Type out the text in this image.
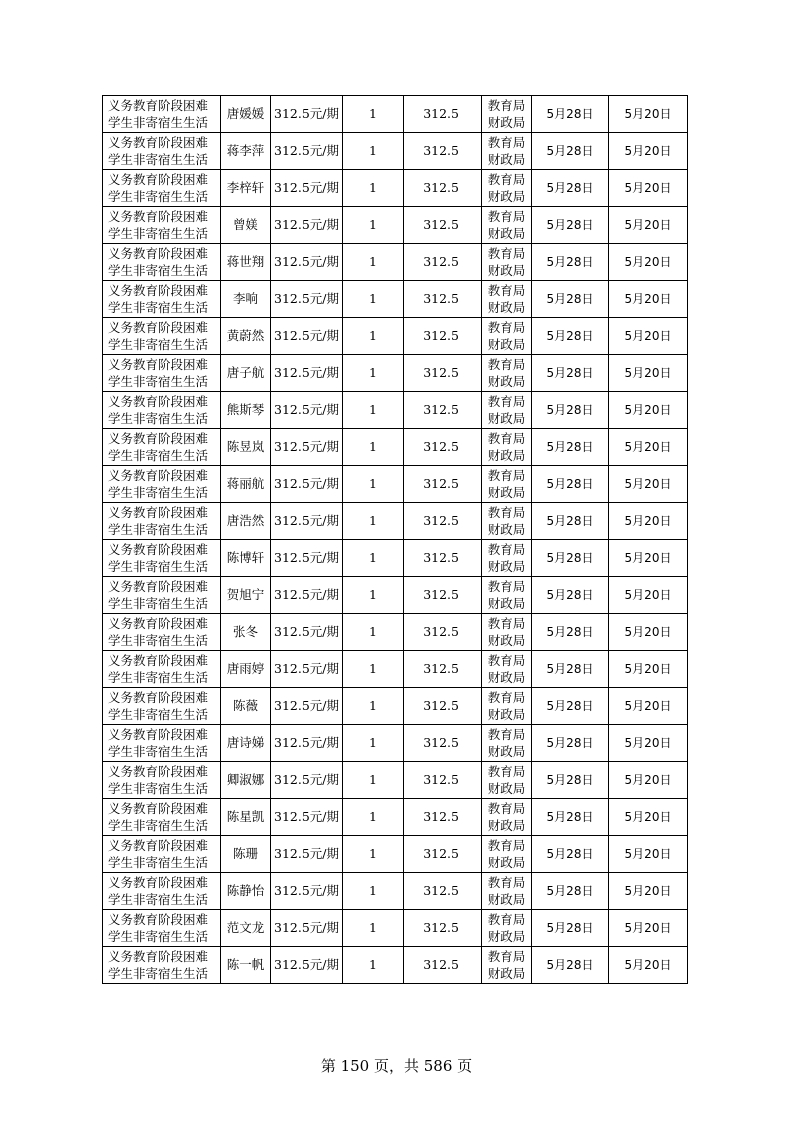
义务教育阶段困难学生非寄宿生生活	唐媛媛	312.5元/期	1	312.5	教育局财政局	5月28日	5月20日
义务教育阶段困难学生非寄宿生生活	蒋李萍	312.5元/期	1	312.5	教育局财政局	5月28日	5月20日
义务教育阶段困难学生非寄宿生生活	李梓轩	312.5元/期	1	312.5	教育局财政局	5月28日	5月20日
义务教育阶段困难学生非寄宿生生活	曾媄	312.5元/期	1	312.5	教育局财政局	5月28日	5月20日
义务教育阶段困难学生非寄宿生生活	蒋世翔	312.5元/期	1	312.5	教育局财政局	5月28日	5月20日
义务教育阶段困难学生非寄宿生生活	李响	312.5元/期	1	312.5	教育局财政局	5月28日	5月20日
义务教育阶段困难学生非寄宿生生活	黄蔚然	312.5元/期	1	312.5	教育局财政局	5月28日	5月20日
义务教育阶段困难学生非寄宿生生活	唐子航	312.5元/期	1	312.5	教育局财政局	5月28日	5月20日
义务教育阶段困难学生非寄宿生生活	熊斯琴	312.5元/期	1	312.5	教育局财政局	5月28日	5月20日
义务教育阶段困难学生非寄宿生生活	陈昱岚	312.5元/期	1	312.5	教育局财政局	5月28日	5月20日
义务教育阶段困难学生非寄宿生生活	蒋丽航	312.5元/期	1	312.5	教育局财政局	5月28日	5月20日
义务教育阶段困难学生非寄宿生生活	唐浩然	312.5元/期	1	312.5	教育局财政局	5月28日	5月20日
义务教育阶段困难学生非寄宿生生活	陈博轩	312.5元/期	1	312.5	教育局财政局	5月28日	5月20日
义务教育阶段困难学生非寄宿生生活	贺旭宁	312.5元/期	1	312.5	教育局财政局	5月28日	5月20日
义务教育阶段困难学生非寄宿生生活	张冬	312.5元/期	1	312.5	教育局财政局	5月28日	5月20日
义务教育阶段困难学生非寄宿生生活	唐雨婷	312.5元/期	1	312.5	教育局财政局	5月28日	5月20日
义务教育阶段困难学生非寄宿生生活	陈薇	312.5元/期	1	312.5	教育局财政局	5月28日	5月20日
义务教育阶段困难学生非寄宿生生活	唐诗娣	312.5元/期	1	312.5	教育局财政局	5月28日	5月20日
义务教育阶段困难学生非寄宿生生活	卿淑娜	312.5元/期	1	312.5	教育局财政局	5月28日	5月20日
义务教育阶段困难学生非寄宿生生活	陈星凯	312.5元/期	1	312.5	教育局财政局	5月28日	5月20日
义务教育阶段困难学生非寄宿生生活	陈珊	312.5元/期	1	312.5	教育局财政局	5月28日	5月20日
义务教育阶段困难学生非寄宿生生活	陈静怡	312.5元/期	1	312.5	教育局财政局	5月28日	5月20日
义务教育阶段困难学生非寄宿生生活	范文龙	312.5元/期	1	312.5	教育局财政局	5月28日	5月20日
义务教育阶段困难学生非寄宿生生活	陈一帆	312.5元/期	1	312.5	教育局财政局	5月28日	5月20日
第 150 页，共 586 页
